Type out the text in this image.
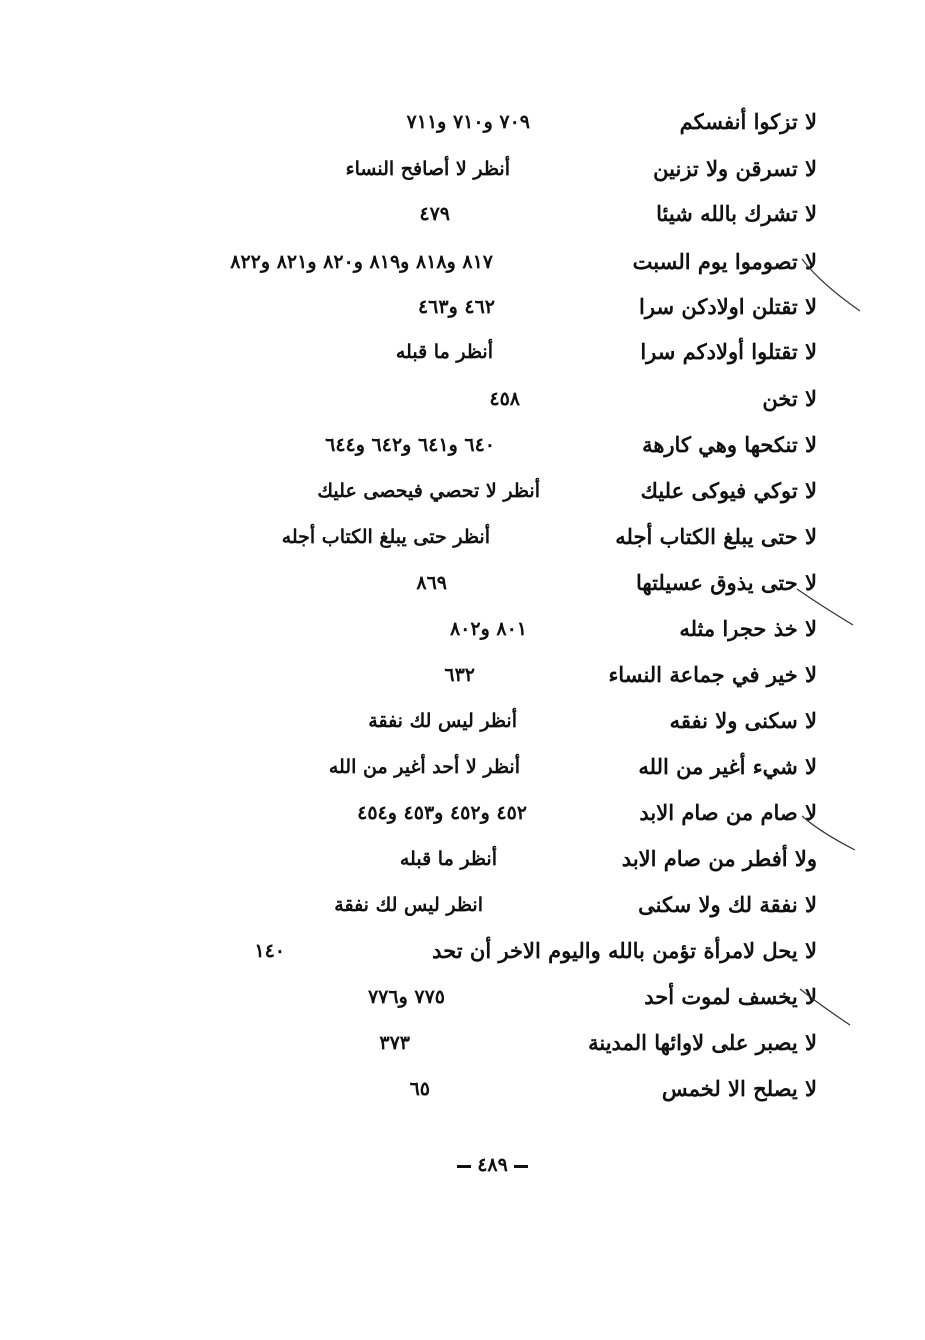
لا تزكوا أنفسكم
٧٠٩ و٧١٠ و٧١١
لا تسرقن ولا تزنين
أنظر لا أصافح النساء
لا تشرك بالله شيئا
٤٧٩
لا تصوموا يوم السبت
٨١٧ و٨١٨ و٨١٩ و٨٢٠ و٨٢١ و٨٢٢
لا تقتلن اولادكن سرا
٤٦٢ و٤٦٣
لا تقتلوا أولادكم سرا
أنظر ما قبله
لا تخن
٤٥٨
لا تنكحها وهي كارهة
٦٤٠ و٦٤١ و٦٤٢ و٦٤٤
لا توكي فيوكى عليك
أنظر لا تحصي فيحصى عليك
لا حتى يبلغ الكتاب أجله
أنظر حتى يبلغ الكتاب أجله
لا حتى يذوق عسيلتها
٨٦٩
لا خذ حجرا مثله
٨٠١ و٨٠٢
لا خير في جماعة النساء
٦٣٢
لا سكنى ولا نفقه
أنظر ليس لك نفقة
لا شيء أغير من الله
أنظر لا أحد أغير من الله
لا صام من صام الابد
٤٥٢ و٤٥٢ و٤٥٣ و٤٥٤
ولا أفطر من صام الابد
أنظر ما قبله
لا نفقة لك ولا سكنى
انظر ليس لك نفقة
لا يحل لامرأة تؤمن بالله واليوم الاخر أن تحد
١٤٠
لا يخسف لموت أحد
٧٧٥ و٧٧٦
لا يصبر على لاوائها المدينة
٣٧٣
لا يصلح الا لخمس
٦٥
٤٨٩
